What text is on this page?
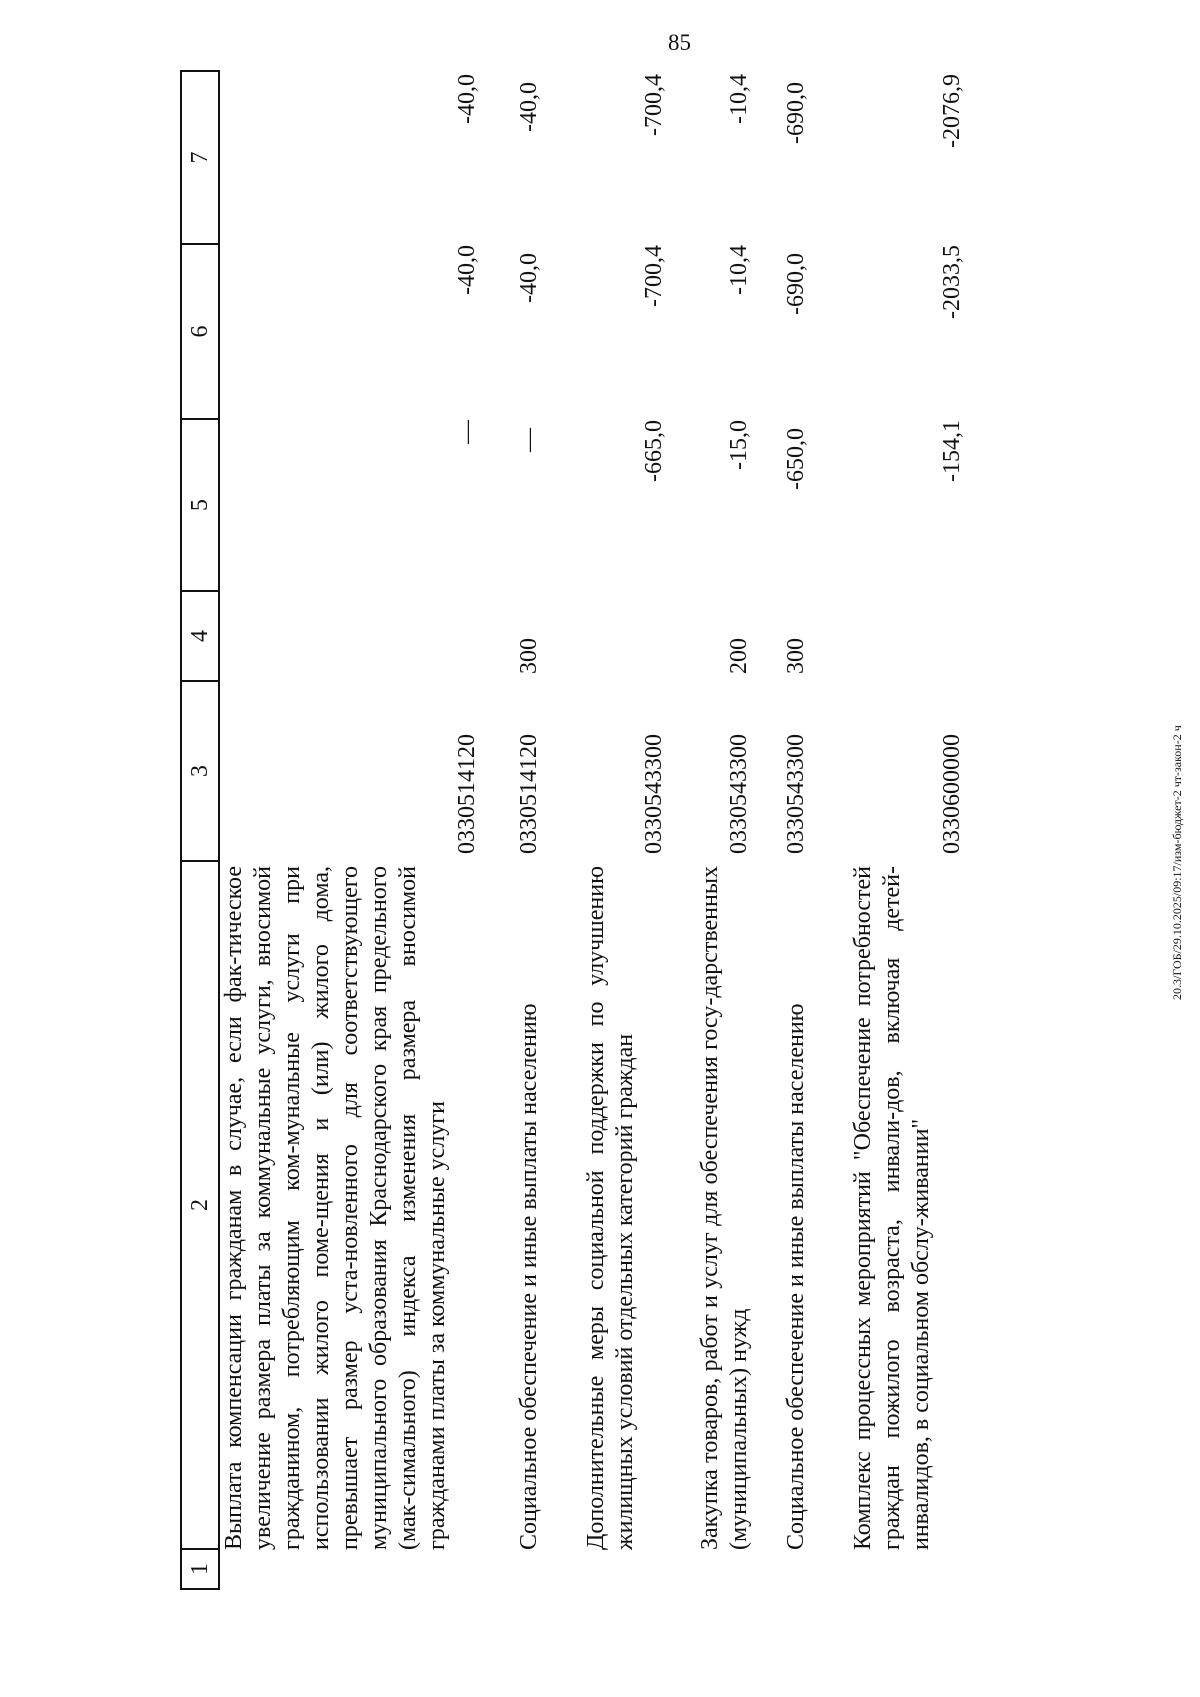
85
20.3/ГОБ/29.10.2025/09:17/изм-бюджет-2 чт-закон-2 ч
1
2
3
4
5
6
7
Выплата компенсации гражданам в случае, если фак-тическое увеличение размера платы за коммунальные услуги, вносимой гражданином, потребляющим ком-мунальные услуги при использовании жилого поме-щения и (или) жилого дома, превышает размер уста-новленного для соответствующего муниципального образования Краснодарского края предельного (мак-симального) индекса изменения размера вносимой гражданами платы за коммунальные услуги
0330514120
—
-40,0
-40,0
Социальное обеспечение и иные выплаты населению
0330514120
300
—
-40,0
-40,0
Дополнительные меры социальной поддержки по улучшению жилищных условий отдельных категорий граждан
0330543300
-665,0
-700,4
-700,4
Закупка товаров, работ и услуг для обеспечения госу-дарственных (муниципальных) нужд
0330543300
200
-15,0
-10,4
-10,4
Социальное обеспечение и иные выплаты населению
0330543300
300
-650,0
-690,0
-690,0
Комплекс процессных мероприятий "Обеспечение потребностей граждан пожилого возраста, инвали-дов, включая детей-инвалидов, в социальном обслу-живании"
0330600000
-154,1
-2033,5
-2076,9
